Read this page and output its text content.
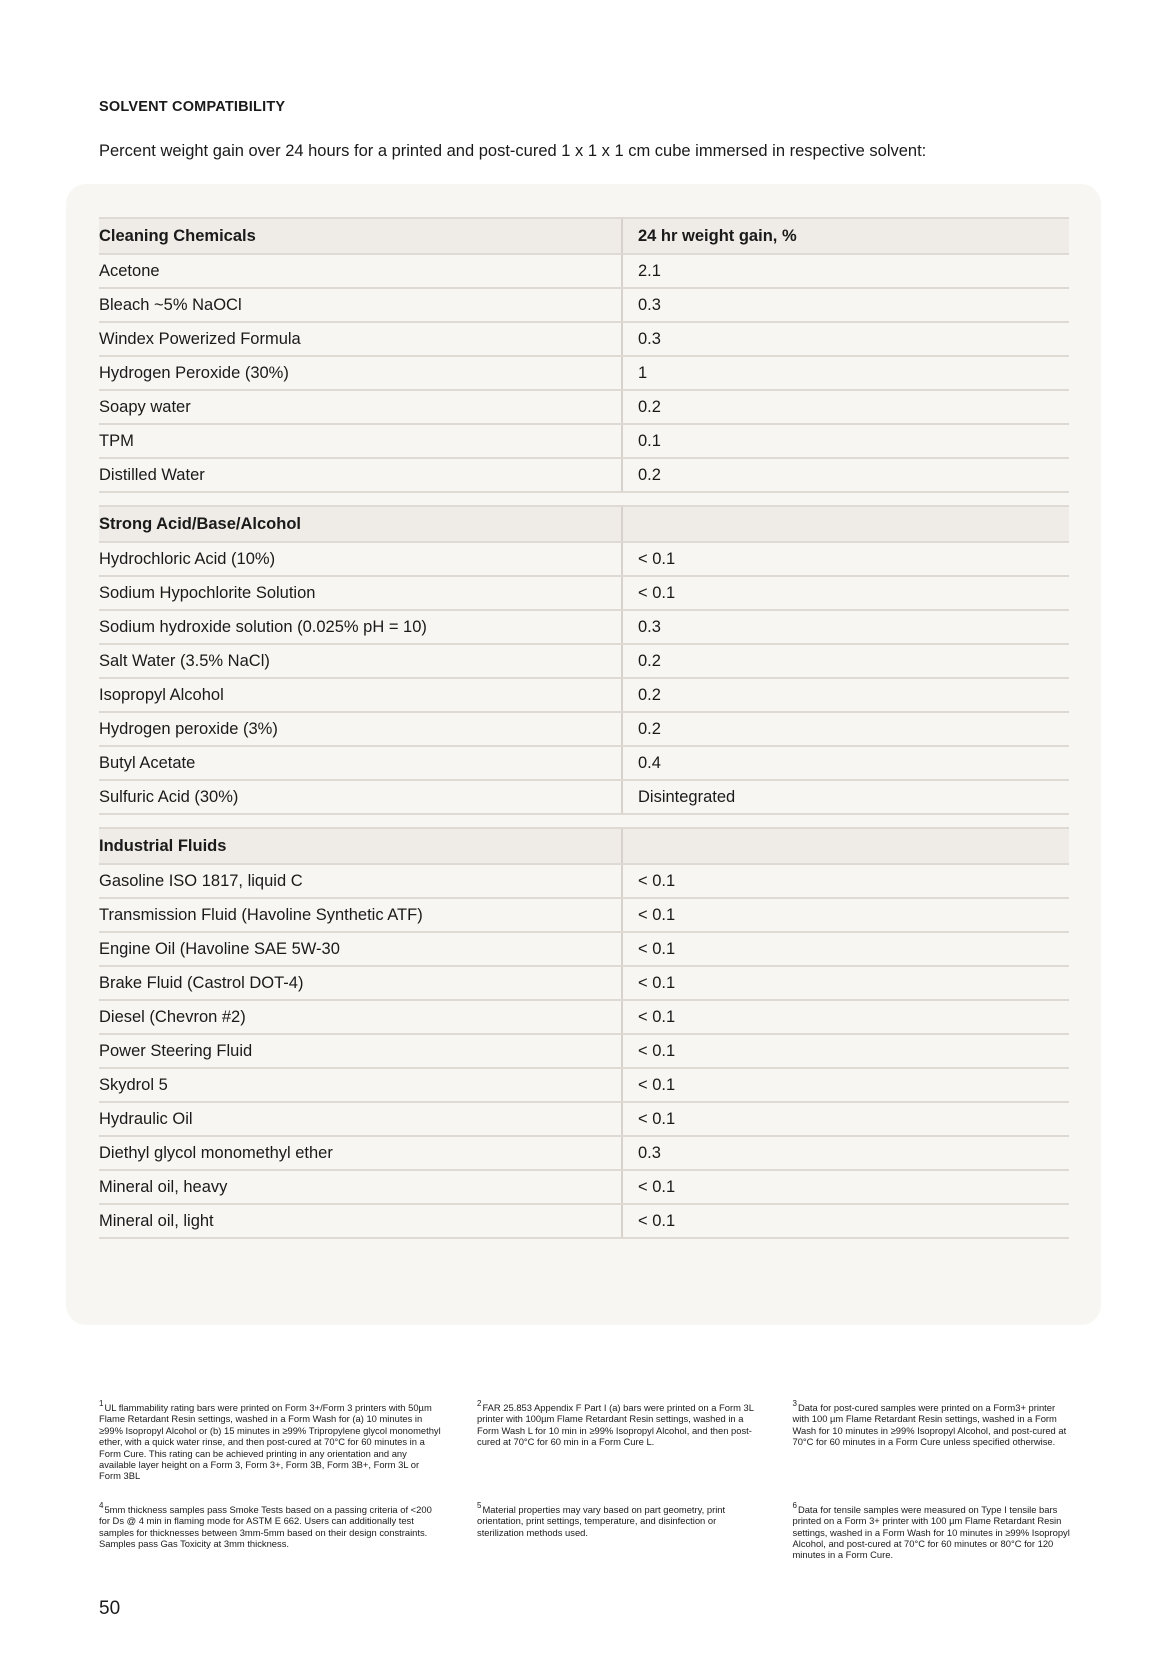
SOLVENT COMPATIBILITY
Percent weight gain over 24 hours for a printed and post-cured 1 x 1 x 1 cm cube immersed in respective solvent:
Cleaning Chemicals	24 hr weight gain, %
Acetone	2.1
Bleach ~5% NaOCl	0.3
Windex Powerized Formula	0.3
Hydrogen Peroxide (30%)	1
Soapy water	0.2
TPM	0.1
Distilled Water	0.2
Strong Acid/Base/Alcohol
Hydrochloric Acid (10%)	< 0.1
Sodium Hypochlorite Solution	< 0.1
Sodium hydroxide solution (0.025% pH = 10)	0.3
Salt Water (3.5% NaCl)	0.2
Isopropyl Alcohol	0.2
Hydrogen peroxide (3%)	0.2
Butyl Acetate	0.4
Sulfuric Acid (30%)	Disintegrated
Industrial Fluids
Gasoline ISO 1817, liquid C	< 0.1
Transmission Fluid (Havoline Synthetic ATF)	< 0.1
Engine Oil (Havoline SAE 5W-30	< 0.1
Brake Fluid (Castrol DOT-4)	< 0.1
Diesel (Chevron #2)	< 0.1
Power Steering Fluid	< 0.1
Skydrol 5	< 0.1
Hydraulic Oil	< 0.1
Diethyl glycol monomethyl ether	0.3
Mineral oil, heavy	< 0.1
Mineral oil, light	< 0.1
$^1$UL flammability rating bars were printed on Form 3+/Form 3 printers with 50µm Flame Retardant Resin settings, washed in a Form Wash for (a) 10 minutes in ≥99% Isopropyl Alcohol or (b) 15 minutes in ≥99% Tripropylene glycol monomethyl ether, with a quick water rinse, and then post-cured at 70°C for 60 minutes in a Form Cure. This rating can be achieved printing in any orientation and any available layer height on a Form 3, Form 3+, Form 3B, Form 3B+, Form 3L or Form 3BL
$^2$FAR 25.853 Appendix F Part I (a) bars were printed on a Form 3L printer with 100µm Flame Retardant Resin settings, washed in a Form Wash L for 10 min in ≥99% Isopropyl Alcohol, and then post-cured at 70°C for 60 min in a Form Cure L.
$^3$Data for post-cured samples were printed on a Form3+ printer with 100 µm Flame Retardant Resin settings, washed in a Form Wash for 10 minutes in ≥99% Isopropyl Alcohol, and post-cured at 70°C for 60 minutes in a Form Cure unless specified otherwise.
$^4$5mm thickness samples pass Smoke Tests based on a passing criteria of <200 for Ds @ 4 min in flaming mode for ASTM E 662. Users can additionally test samples for thicknesses between 3mm-5mm based on their design constraints. Samples pass Gas Toxicity at 3mm thickness.
$^5$Material properties may vary based on part geometry, print orientation, print settings, temperature, and disinfection or sterilization methods used.
$^6$Data for tensile samples were measured on Type I tensile bars printed on a Form 3+ printer with 100 µm Flame Retardant Resin settings, washed in a Form Wash for 10 minutes in ≥99% Isopropyl Alcohol, and post-cured at 70°C for 60 minutes or 80°C for 120 minutes in a Form Cure.
50
